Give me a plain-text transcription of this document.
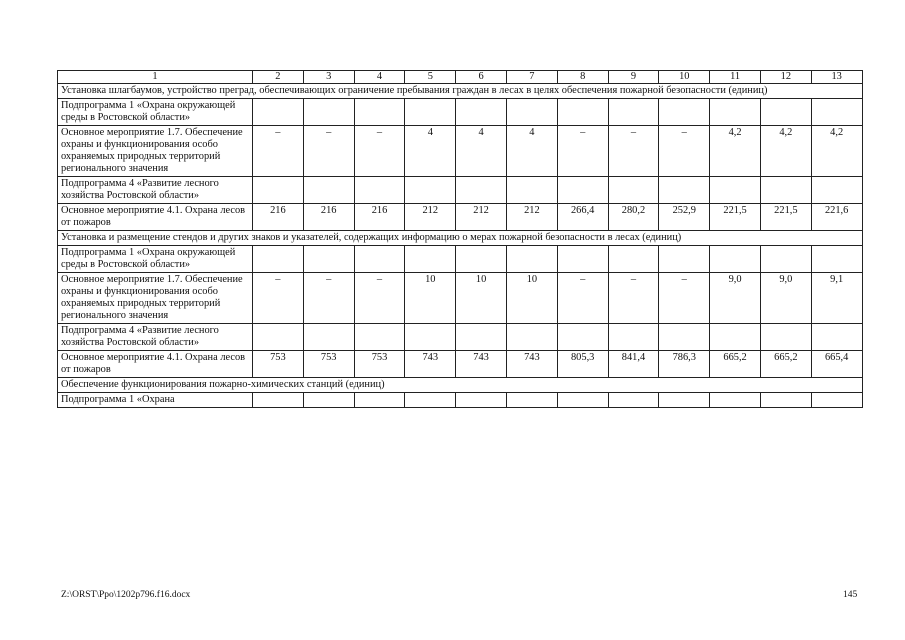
1	2	3	4	5	6	7	8	9	10	11	12	13
Установка шлагбаумов, устройство преград, обеспечивающих ограничение пребывания граждан в лесах в целях обеспечения пожарной безопасности (единиц)												
Подпрограмма 1 «Охрана окружающей среды в Ростовской области»												
Основное мероприятие 1.7. Обеспечение охраны и функционирования особо охраняемых природных территорий регионального значения	–	–	–	4	4	4	–	–	–	4,2	4,2	4,2
Подпрограмма 4 «Развитие лесного хозяйства Ростовской области»												
Основное мероприятие 4.1. Охрана лесов от пожаров	216	216	216	212	212	212	266,4	280,2	252,9	221,5	221,5	221,6
Установка и размещение стендов и других знаков и указателей, содержащих информацию о мерах пожарной безопасности в лесах (единиц)												
Подпрограмма 1 «Охрана окружающей среды в Ростовской области»												
Основное мероприятие 1.7. Обеспечение охраны и функционирования особо охраняемых природных территорий регионального значения	–	–	–	10	10	10	–	–	–	9,0	9,0	9,1
Подпрограмма 4 «Развитие лесного хозяйства Ростовской области»												
Основное мероприятие 4.1. Охрана лесов от пожаров	753	753	753	743	743	743	805,3	841,4	786,3	665,2	665,2	665,4
Обеспечение функционирования пожарно-химических станций (единиц)												
Подпрограмма 1 «Охрана												
Z:\ORST\Ppo\1202p796.f16.docx	145
